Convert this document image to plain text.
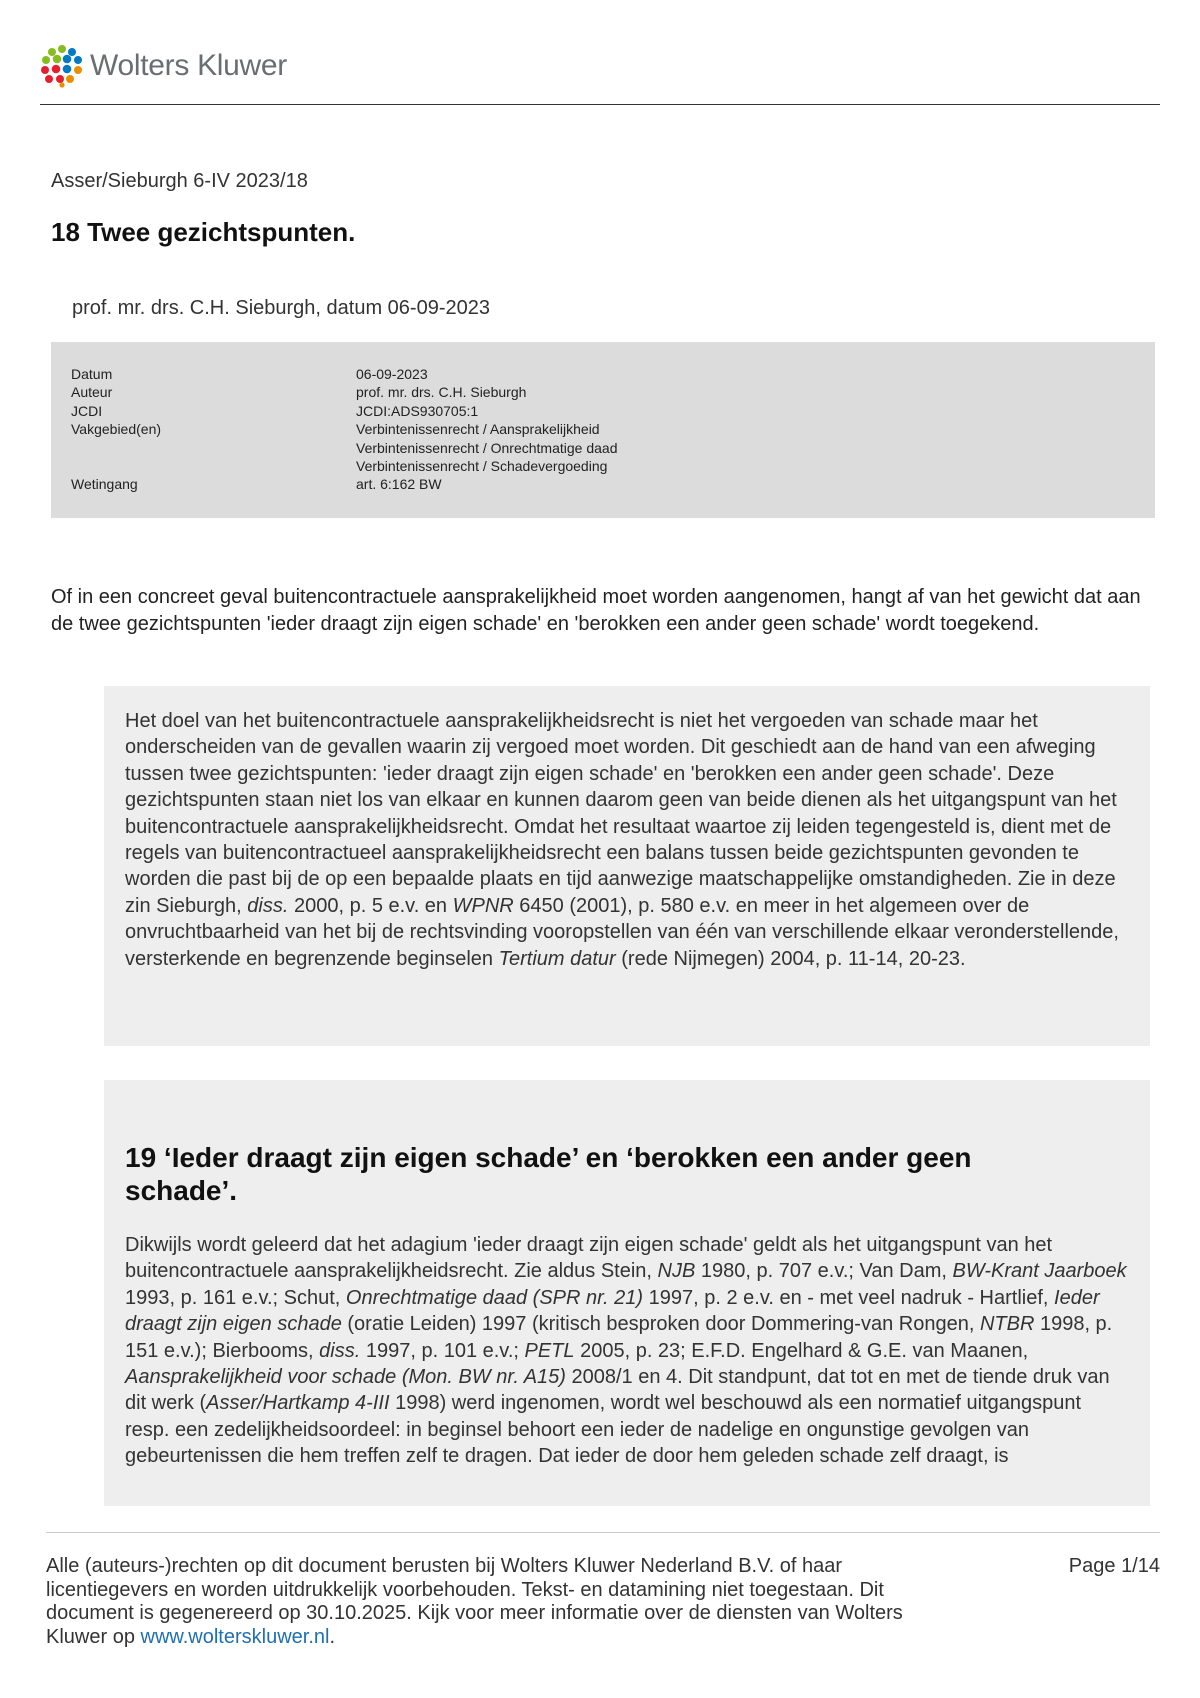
Wolters Kluwer
Asser/Sieburgh 6-IV 2023/18
18 Twee gezichtspunten.
prof. mr. drs. C.H. Sieburgh, datum 06-09-2023
Datum
Auteur
JCDI
Vakgebied(en)

Wetingang
06-09-2023
prof. mr. drs. C.H. Sieburgh
JCDI:ADS930705:1
Verbintenissenrecht / Aansprakelijkheid
Verbintenissenrecht / Onrechtmatige daad
Verbintenissenrecht / Schadevergoeding
art. 6:162 BW

Of in een concreet geval buitencontractuele aansprakelijkheid moet worden aangenomen, hangt af van het gewicht dat aan de twee gezichtspunten 'ieder draagt zijn eigen schade' en 'berokken een ander geen schade' wordt toegekend.

Het doel van het buitencontractuele aansprakelijkheidsrecht is niet het vergoeden van schade maar het onderscheiden van de gevallen waarin zij vergoed moet worden. Dit geschiedt aan de hand van een afweging tussen twee gezichtspunten: 'ieder draagt zijn eigen schade' en 'berokken een ander geen schade'. Deze gezichtspunten staan niet los van elkaar en kunnen daarom geen van beide dienen als het uitgangspunt van het buitencontractuele aansprakelijkheidsrecht. Omdat het resultaat waartoe zij leiden tegengesteld is, dient met de regels van buitencontractueel aansprakelijkheidsrecht een balans tussen beide gezichtspunten gevonden te worden die past bij de op een bepaalde plaats en tijd aanwezige maatschappelijke omstandigheden. Zie in deze zin Sieburgh, diss. 2000, p. 5 e.v. en WPNR 6450 (2001), p. 580 e.v. en meer in het algemeen over de onvruchtbaarheid van het bij de rechtsvinding vooropstellen van één van verschillende elkaar veronderstellende, versterkende en begrenzende beginselen Tertium datur (rede Nijmegen) 2004, p. 11-14, 20-23.

19 ‘Ieder draagt zijn eigen schade’ en ‘berokken een ander geen schade’.

Dikwijls wordt geleerd dat het adagium 'ieder draagt zijn eigen schade' geldt als het uitgangspunt van het buitencontractuele aansprakelijkheidsrecht. Zie aldus Stein, NJB 1980, p. 707 e.v.; Van Dam, BW-Krant Jaarboek 1993, p. 161 e.v.; Schut, Onrechtmatige daad (SPR nr. 21) 1997, p. 2 e.v. en - met veel nadruk - Hartlief, Ieder draagt zijn eigen schade (oratie Leiden) 1997 (kritisch besproken door Dommering-van Rongen, NTBR 1998, p. 151 e.v.); Bierbooms, diss. 1997, p. 101 e.v.; PETL 2005, p. 23; E.F.D. Engelhard & G.E. van Maanen, Aansprakelijkheid voor schade (Mon. BW nr. A15) 2008/1 en 4. Dit standpunt, dat tot en met de tiende druk van dit werk (Asser/Hartkamp 4-III 1998) werd ingenomen, wordt wel beschouwd als een normatief uitgangspunt resp. een zedelijkheidsoordeel: in beginsel behoort een ieder de nadelige en ongunstige gevolgen van gebeurtenissen die hem treffen zelf te dragen. Dat ieder de door hem geleden schade zelf draagt, is

Alle (auteurs-)rechten op dit document berusten bij Wolters Kluwer Nederland B.V. of haar licentiegevers en worden uitdrukkelijk voorbehouden. Tekst- en datamining niet toegestaan. Dit document is gegenereerd op 30.10.2025. Kijk voor meer informatie over de diensten van Wolters Kluwer op www.wolterskluwer.nl.
Page 1/14
